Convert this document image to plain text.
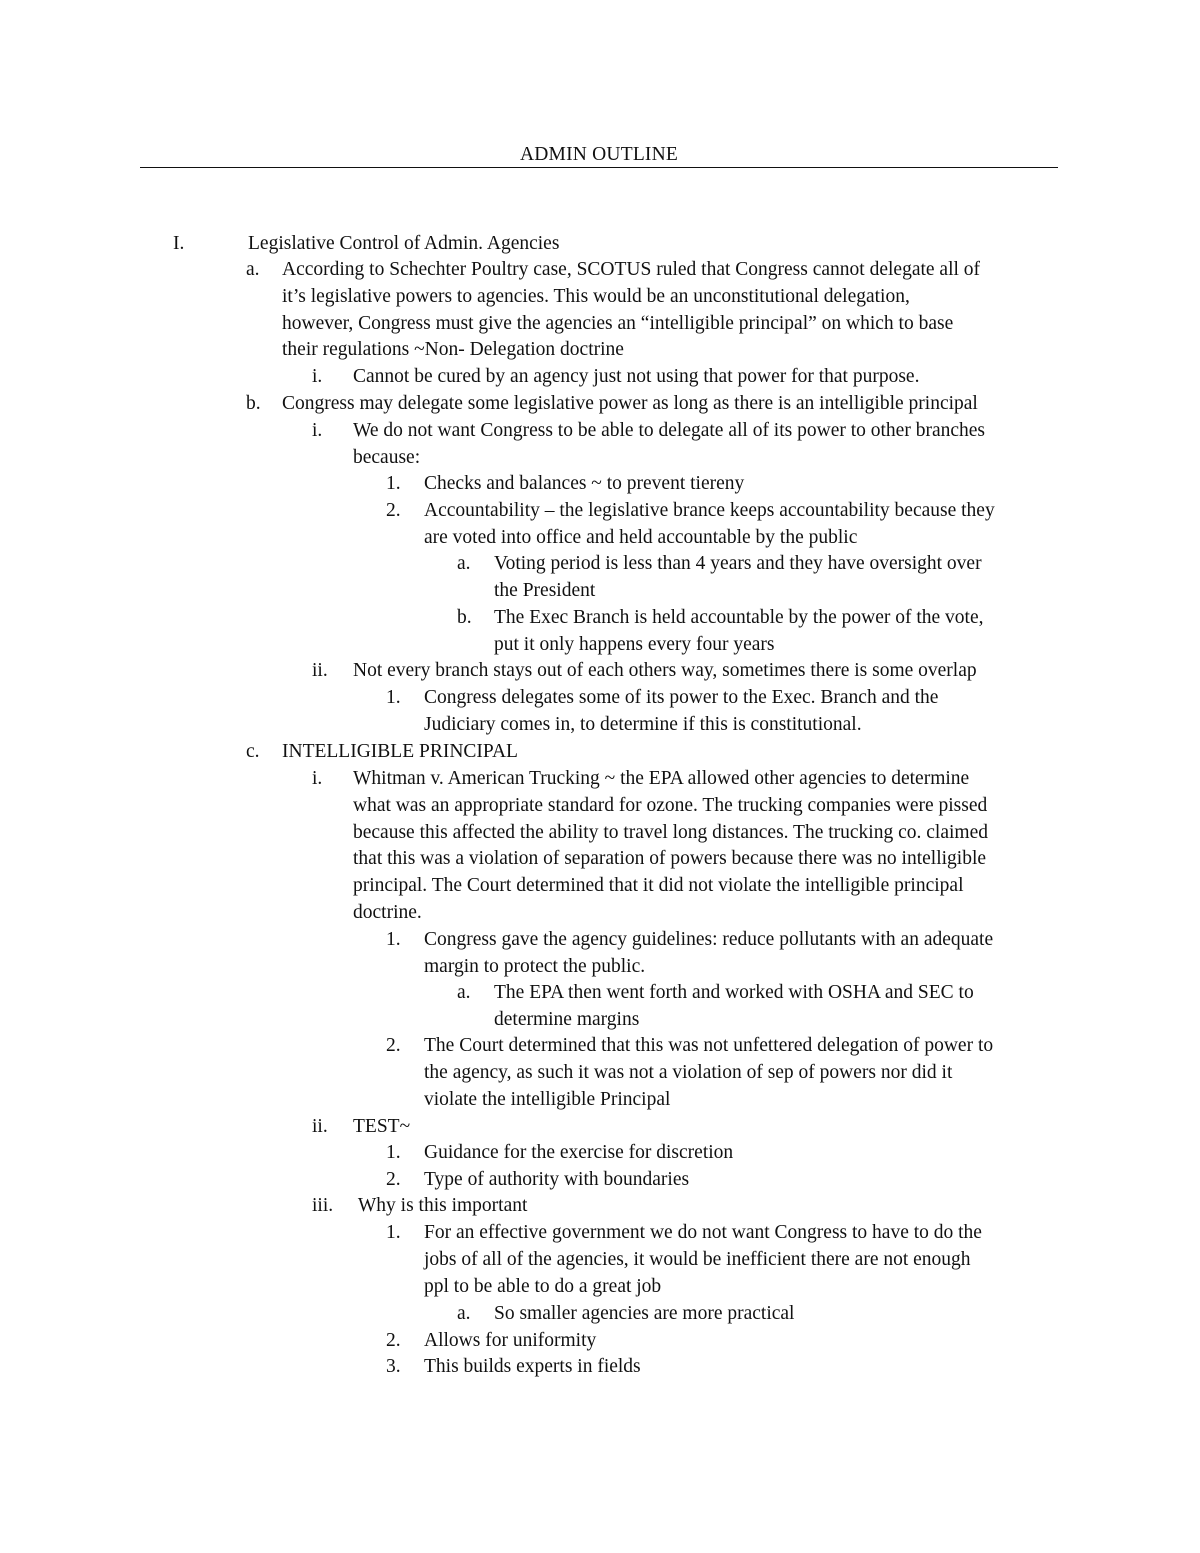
ADMIN OUTLINE
I.	Legislative Control of Admin. Agencies
a. According to Schechter Poultry case, SCOTUS ruled that Congress cannot delegate all of
it’s legislative powers to agencies. This would be an unconstitutional delegation,
however, Congress must give the agencies an “intelligible principal” on which to base
their regulations ~Non- Delegation doctrine
i. Cannot be cured by an agency just not using that power for that purpose.
b. Congress may delegate some legislative power as long as there is an intelligible principal
i. We do not want Congress to be able to delegate all of its power to other branches
because:
1. Checks and balances ~ to prevent tiereny
2. Accountability – the legislative brance keeps accountability because they
are voted into office and held accountable by the public
a. Voting period is less than 4 years and they have oversight over
the President
b. The Exec Branch is held accountable by the power of the vote,
put it only happens every four years
ii. Not every branch stays out of each others way, sometimes there is some overlap
1. Congress delegates some of its power to the Exec. Branch and the
Judiciary comes in, to determine if this is constitutional.
c. INTELLIGIBLE PRINCIPAL
i. Whitman v. American Trucking ~ the EPA allowed other agencies to determine
what was an appropriate standard for ozone. The trucking companies were pissed
because this affected the ability to travel long distances. The trucking co. claimed
that this was a violation of separation of powers because there was no intelligible
principal. The Court determined that it did not violate the intelligible principal
doctrine.
1. Congress gave the agency guidelines: reduce pollutants with an adequate
margin to protect the public.
a. The EPA then went forth and worked with OSHA and SEC to
determine margins
2. The Court determined that this was not unfettered delegation of power to
the agency, as such it was not a violation of sep of powers nor did it
violate the intelligible Principal
ii. TEST~
1. Guidance for the exercise for discretion
2. Type of authority with boundaries
iii. Why is this important
1. For an effective government we do not want Congress to have to do the
jobs of all of the agencies, it would be inefficient there are not enough
ppl to be able to do a great job
a. So smaller agencies are more practical
2. Allows for uniformity
3. This builds experts in fields
